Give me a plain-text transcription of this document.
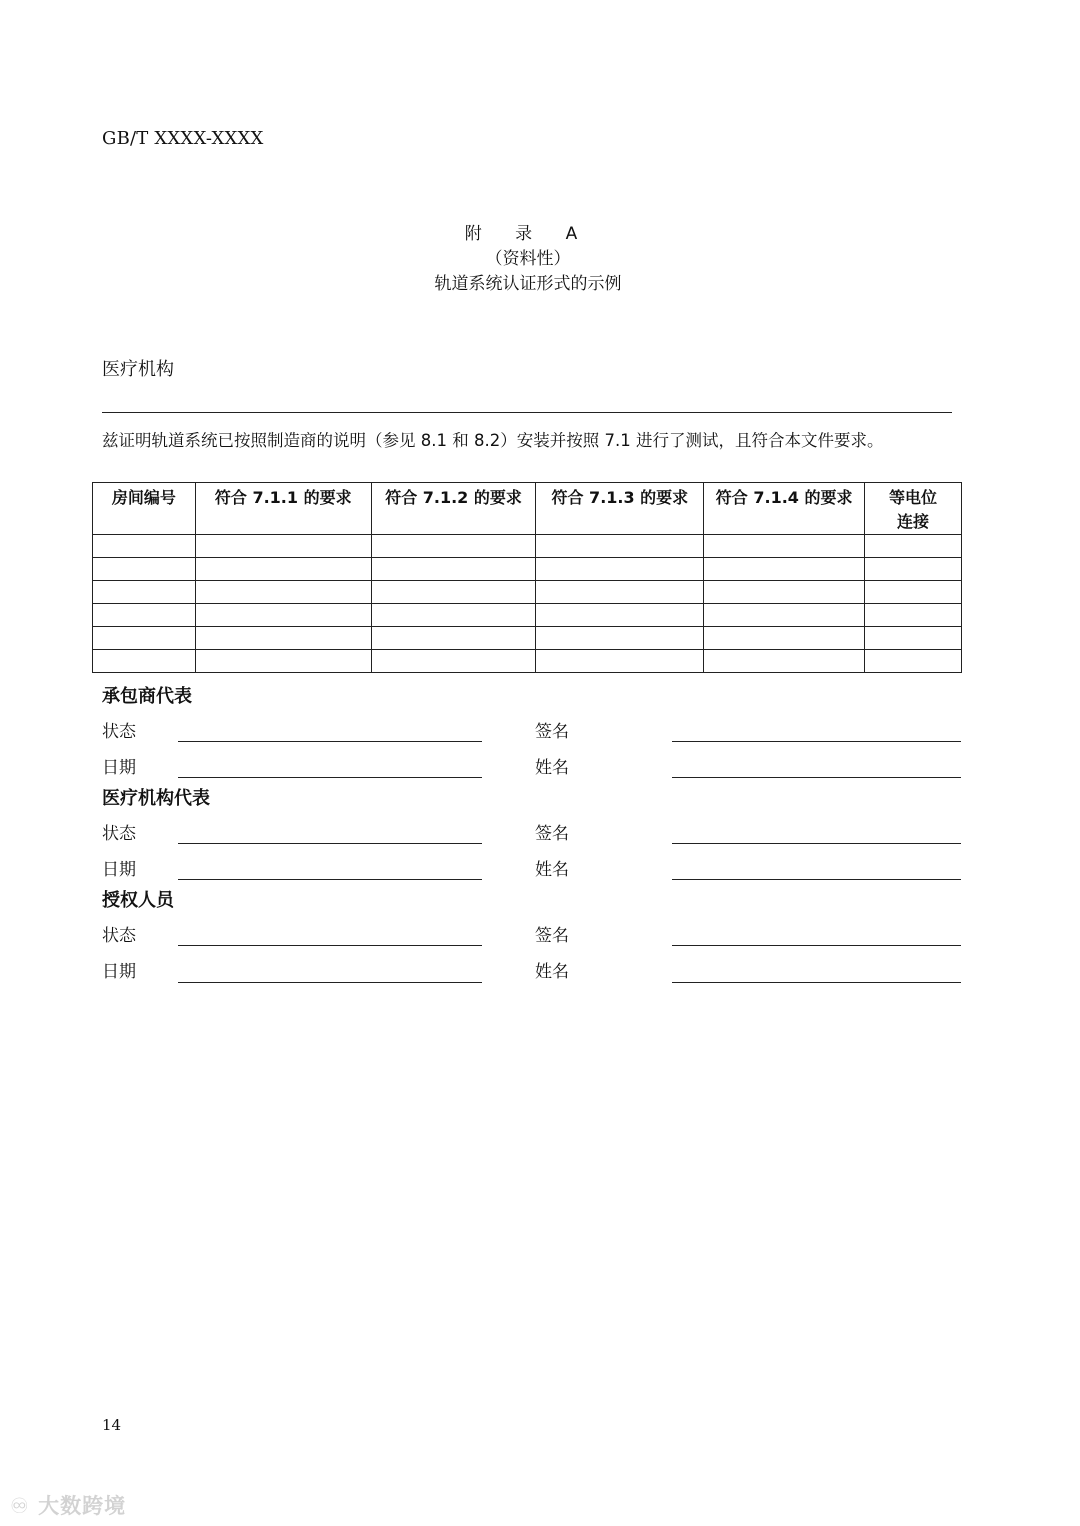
GB/T XXXX-XXXX
附 录 A
（资料性）
轨道系统认证形式的示例
医疗机构
兹证明轨道系统已按照制造商的说明（参见 8.1 和 8.2）安装并按照 7.1 进行了测试，且符合本文件要求。
房间编号	符合 7.1.1 的要求	符合 7.1.2 的要求	符合 7.1.3 的要求	符合 7.1.4 的要求	等电位连接

承包商代表
状态	签名
日期	姓名
医疗机构代表
状态	签名
日期	姓名
授权人员
状态	签名
日期	姓名
14
♾ 大数跨境
